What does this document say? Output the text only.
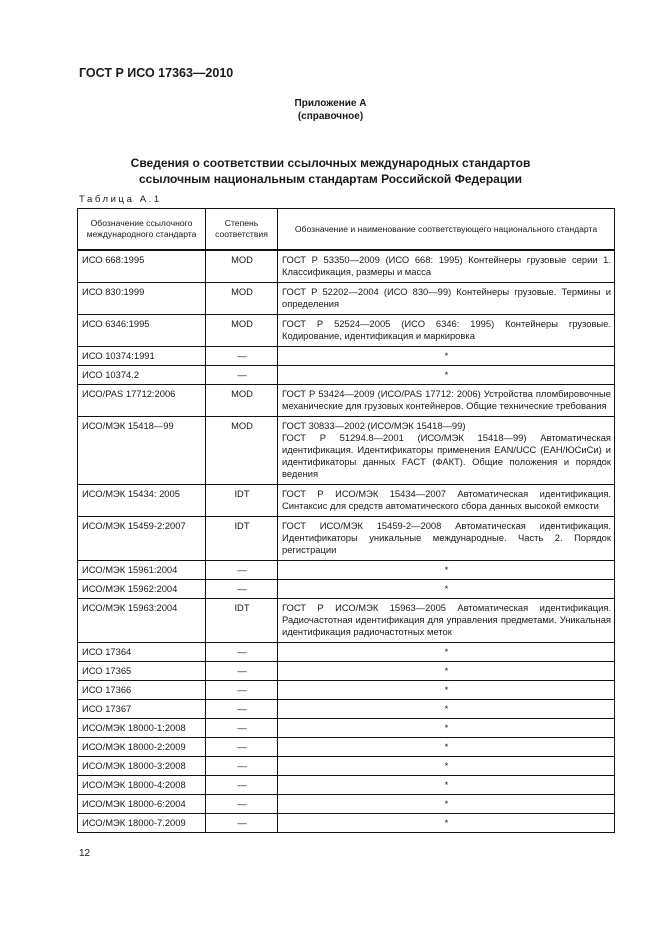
ГОСТ Р ИСО 17363—2010
Приложение А
(справочное)
Сведения о соответствии ссылочных международных стандартов
ссылочным национальным стандартам Российской Федерации
Таблица А.1
Обозначение ссылочного международного стандарта	Степень соответствия	Обозначение и наименование соответствующего национального стандарта
ИСО 668:1995	MOD	ГОСТ Р 53350—2009 (ИСО 668: 1995) Контейнеры грузовые серии 1. Классификация, размеры и масса
ИСО 830:1999	MOD	ГОСТ Р 52202—2004 (ИСО 830—99) Контейнеры грузовые. Термины и определения
ИСО 6346:1995	MOD	ГОСТ Р 52524—2005 (ИСО 6346: 1995) Контейнеры грузовые. Кодирование, идентификация и маркировка
ИСО 10374:1991	—	*
ИСО 10374.2	—	*
ИСО/PAS 17712:2006	MOD	ГОСТ Р 53424—2009 (ИСО/PAS 17712: 2006) Устройства пломбировочные механические для грузовых контейнеров. Общие технические требования
ИСО/МЭК 15418—99	MOD	ГОСТ 30833—2002 (ИСО/МЭК 15418—99)
ГОСТ Р 51294.8—2001 (ИСО/МЭК 15418—99) Автоматическая идентификация. Идентификаторы применения EAN/UCC (ЕАН/ЮСиСи) и идентификаторы данных FACT (ФАКТ). Общие положения и порядок ведения

ИСО/МЭК 15434: 2005	IDT	ГОСТ Р ИСО/МЭК 15434—2007 Автоматическая идентификация. Синтаксис для средств автоматического сбора данных высокой емкости
ИСО/МЭК 15459-2:2007	IDT	ГОСТ ИСО/МЭК 15459-2—2008 Автоматическая идентификация. Идентификаторы уникальные международные. Часть 2. Порядок регистрации
ИСО/МЭК 15961:2004	—	*
ИСО/МЭК 15962:2004	—	*
ИСО/МЭК 15963:2004	IDT	ГОСТ Р ИСО/МЭК 15963—2005 Автоматическая идентификация. Радиочастотная идентификация для управления предметами. Уникальная идентификация радиочастотных меток
ИСО 17364	—	*
ИСО 17365	—	*
ИСО 17366	—	*
ИСО 17367	—	*
ИСО/МЭК 18000-1:2008	—	*
ИСО/МЭК 18000-2:2009	—	*
ИСО/МЭК 18000-3:2008	—	*
ИСО/МЭК 18000-4:2008	—	*
ИСО/МЭК 18000-6:2004	—	*
ИСО/МЭК 18000-7.2009	—	*
12
